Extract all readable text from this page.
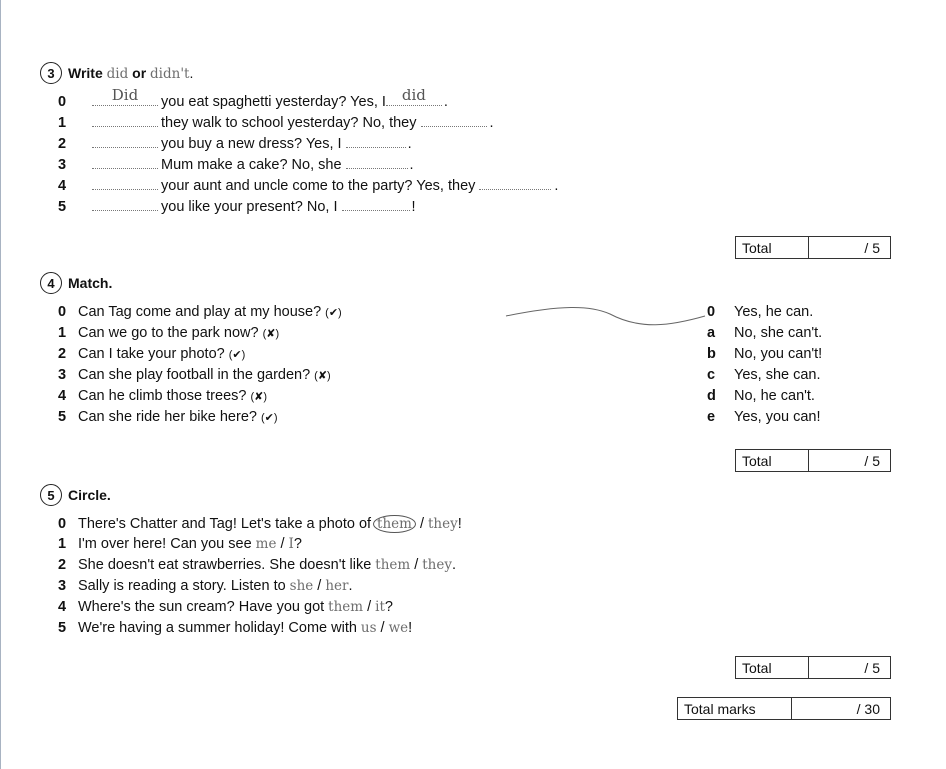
3 Write did or didn't.
0	Did	you eat spaghetti yesterday? Yes, I	did	.
1	they walk to school yesterday? No, they	.
2	you buy a new dress? Yes, I	.
3	Mum make a cake? No, she	.
4	your aunt and uncle come to the party? Yes, they	.
5	you like your present? No, I	!
Total	/ 5
4 Match.
0 Can Tag come and play at my house? (✔)
1 Can we go to the park now? (✘)
2 Can I take your photo? (✔)
3 Can she play football in the garden? (✘)
4 Can he climb those trees? (✘)
5 Can she ride her bike here? (✔)
0	Yes, he can.
a	No, she can't.
b	No, you can't!
c	Yes, she can.
d	No, he can't.
e	Yes, you can!
Total	/ 5
5 Circle.
0 There's Chatter and Tag! Let's take a photo of them / they !
1 I'm over here! Can you see me / I ?
2 She doesn't eat strawberries. She doesn't like them / they .
3 Sally is reading a story. Listen to she / her .
4 Where's the sun cream? Have you got them / it ?
5 We're having a summer holiday! Come with us / we !
Total	/ 5
Total marks	/ 30
